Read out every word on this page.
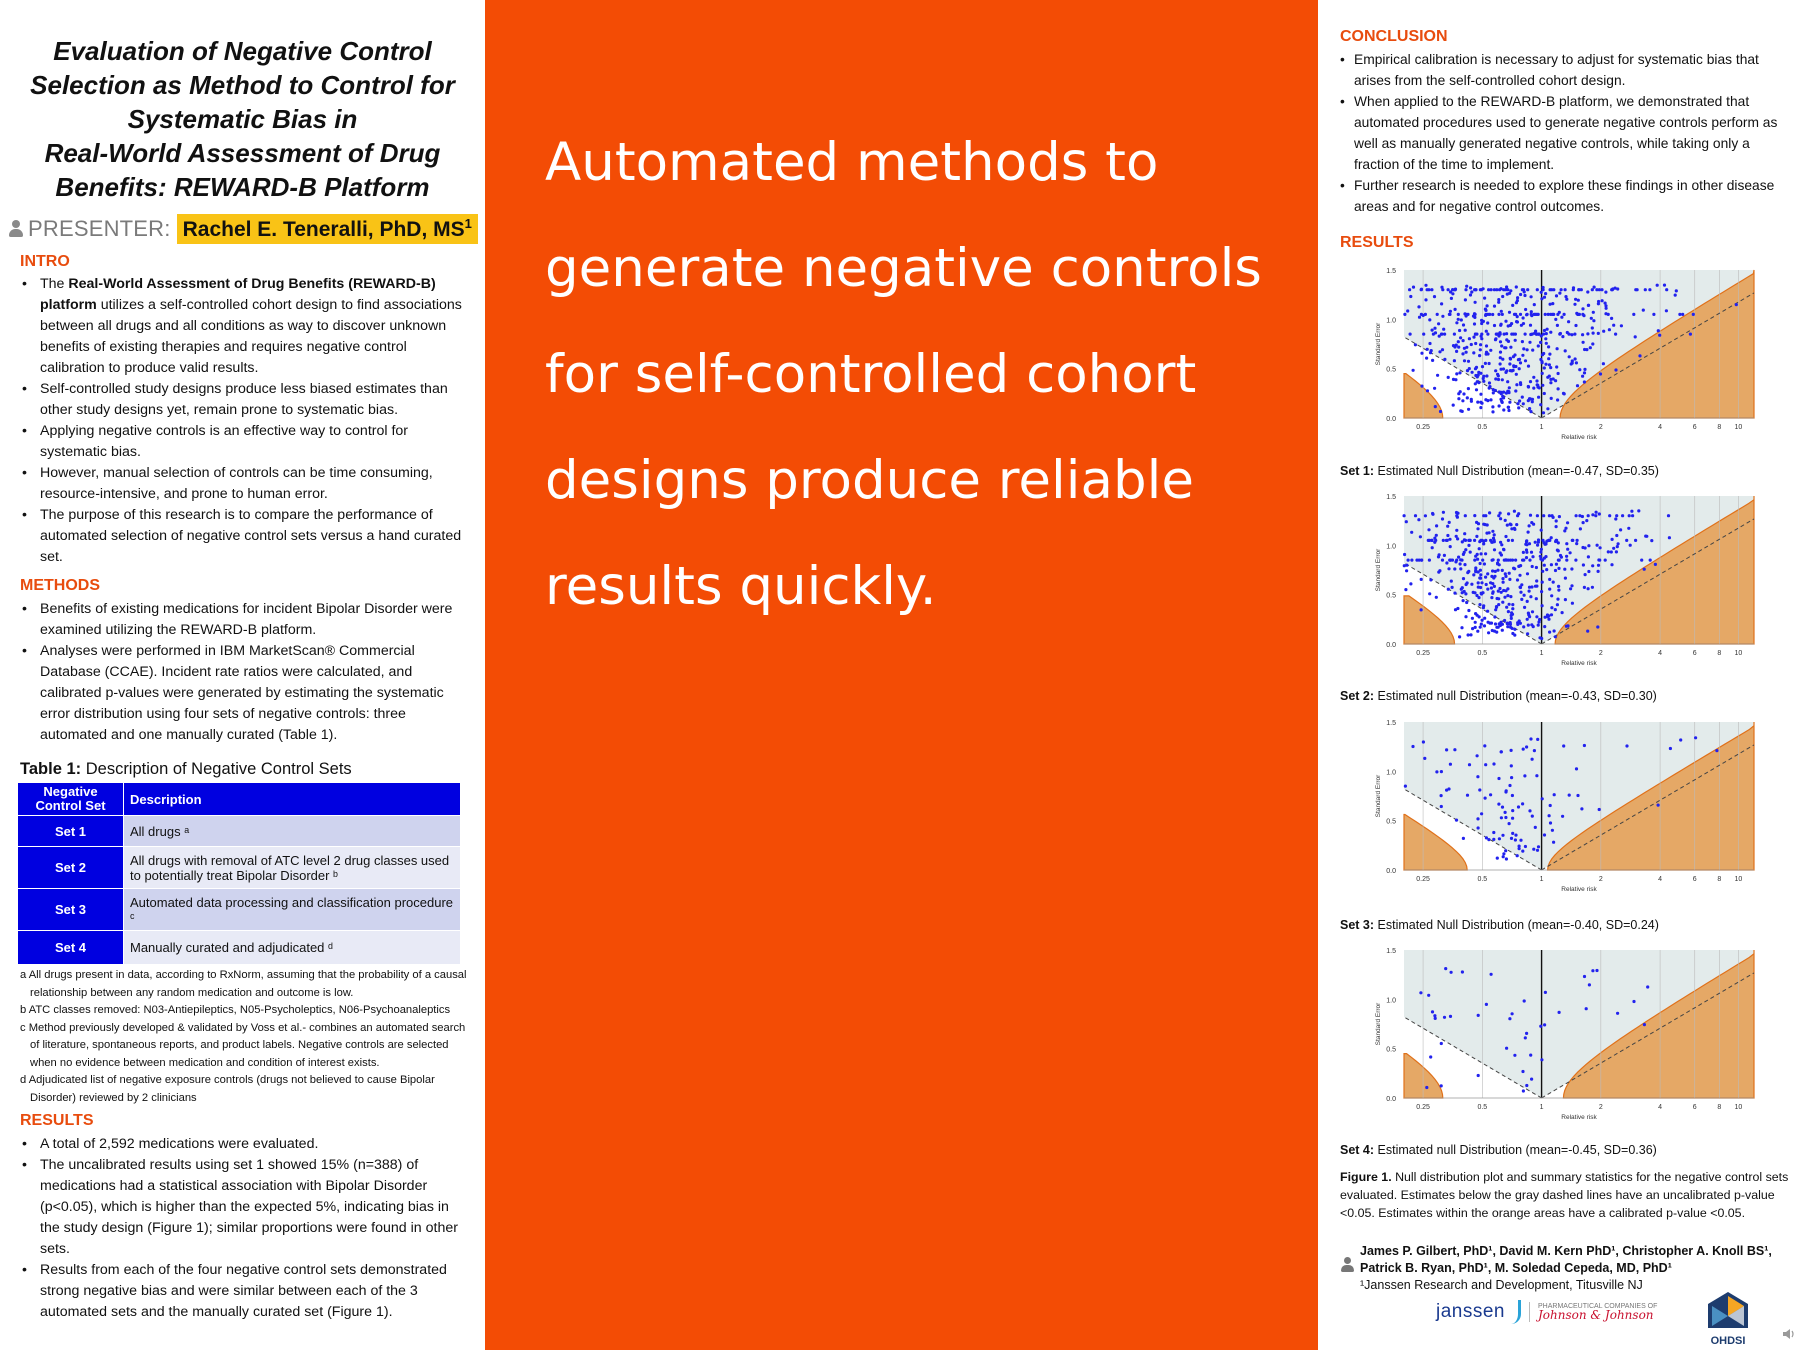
Evaluation of Negative Control
Selection as Method to Control for
Systematic Bias in
Real-World Assessment of Drug
Benefits: REWARD-B Platform
PRESENTER: Rachel E. Teneralli, PhD, $MS^1$
INTRO
• The Real-World Assessment of Drug Benefits (REWARD-B) platform utilizes a self-controlled cohort design to find associations between all drugs and all conditions as way to discover unknown benefits of existing therapies and requires negative control calibration to produce valid results.
• Self-controlled study designs produce less biased estimates than other study designs yet, remain prone to systematic bias.
• Applying negative controls is an effective way to control for systematic bias.
• However, manual selection of controls can be time consuming, resource-intensive, and prone to human error.
• The purpose of this research is to compare the performance of automated selection of negative control sets versus a hand curated set.
METHODS
• Benefits of existing medications for incident Bipolar Disorder were examined utilizing the REWARD-B platform.
• Analyses were performed in IBM MarketScan® Commercial Database (CCAE). Incident rate ratios were calculated, and calibrated p-values were generated by estimating the systematic error distribution using four sets of negative controls: three automated and one manually curated (Table 1).
Table 1: Description of Negative Control Sets
Negative Control Set	Description
Set 1	All drugs ᵃ
Set 2	All drugs with removal of ATC level 2 drug classes used to potentially treat Bipolar Disorder ᵇ
Set 3	Automated data processing and classification procedure ᶜ
Set 4	Manually curated and adjudicated ᵈ

a All drugs present in data, according to RxNorm, assuming that the probability of a causal relationship between any random medication and outcome is low.

b ATC classes removed: N03-Antiepileptics, N05-Psycholeptics, N06-Psychoanaleptics

c Method previously developed & validated by Voss et al.- combines an automated search of literature, spontaneous reports, and product labels. Negative controls are selected when no evidence between medication and condition of interest exists.

d Adjudicated list of negative exposure controls (drugs not believed to cause Bipolar Disorder) reviewed by 2 clinicians

RESULTS
• A total of 2,592 medications were evaluated.
• The uncalibrated results using set 1 showed 15% (n=388) of medications had a statistical association with Bipolar Disorder (p<0.05), which is higher than the expected 5%, indicating bias in the study design (Figure 1); similar proportions were found in other sets.
• Results from each of the four negative control sets demonstrated strong negative bias and were similar between each of the 3 automated sets and the manually curated set (Figure 1).
Automated methods to generate negative controls for self-controlled cohort designs produce reliable results quickly.
CONCLUSION
• Empirical calibration is necessary to adjust for systematic bias that arises from the self-controlled cohort design.
• When applied to the REWARD-B platform, we demonstrated that automated procedures used to generate negative controls perform as well as manually generated negative controls, while taking only a fraction of the time to implement.
• Further research is needed to explore these findings in other disease areas and for negative control outcomes.
RESULTS
0.0
0.5
1.0
1.5
0.25	0.5	1	2	4	6	8 10
Relative risk
Standard Error
Set 1: Estimated Null Distribution (mean=-0.47, SD=0.35)
0.0
0.5
1.0
1.5
0.25	0.5	1	2	4	6	8 10
Relative risk
Standard Error
Set 2: Estimated null Distribution (mean=-0.43, SD=0.30)
0.0
0.5
1.0
1.5
0.25	0.5	1	2	4	6	8 10
Relative risk
Standard Error
Set 3: Estimated Null Distribution (mean=-0.40, SD=0.24)
0.0
0.5
1.0
1.5
0.25	0.5	1	2	4	6	8 10
Relative risk
Standard Error
Set 4: Estimated null Distribution (mean=-0.45, SD=0.36)
Figure 1. Null distribution plot and summary statistics for the negative control sets evaluated. Estimates below the gray dashed lines have an uncalibrated p-value <0.05. Estimates within the orange areas have a calibrated p-value <0.05.
James P. Gilbert, PhD¹, David M. Kern PhD¹, Christopher A. Knoll BS¹,
Patrick B. Ryan, PhD¹, M. Soledad Cepeda, MD, PhD¹
¹Janssen Research and Development, Titusville NJ
janssen	PHARMACEUTICAL COMPANIES OF
Johnson & Johnson
OHDSI
